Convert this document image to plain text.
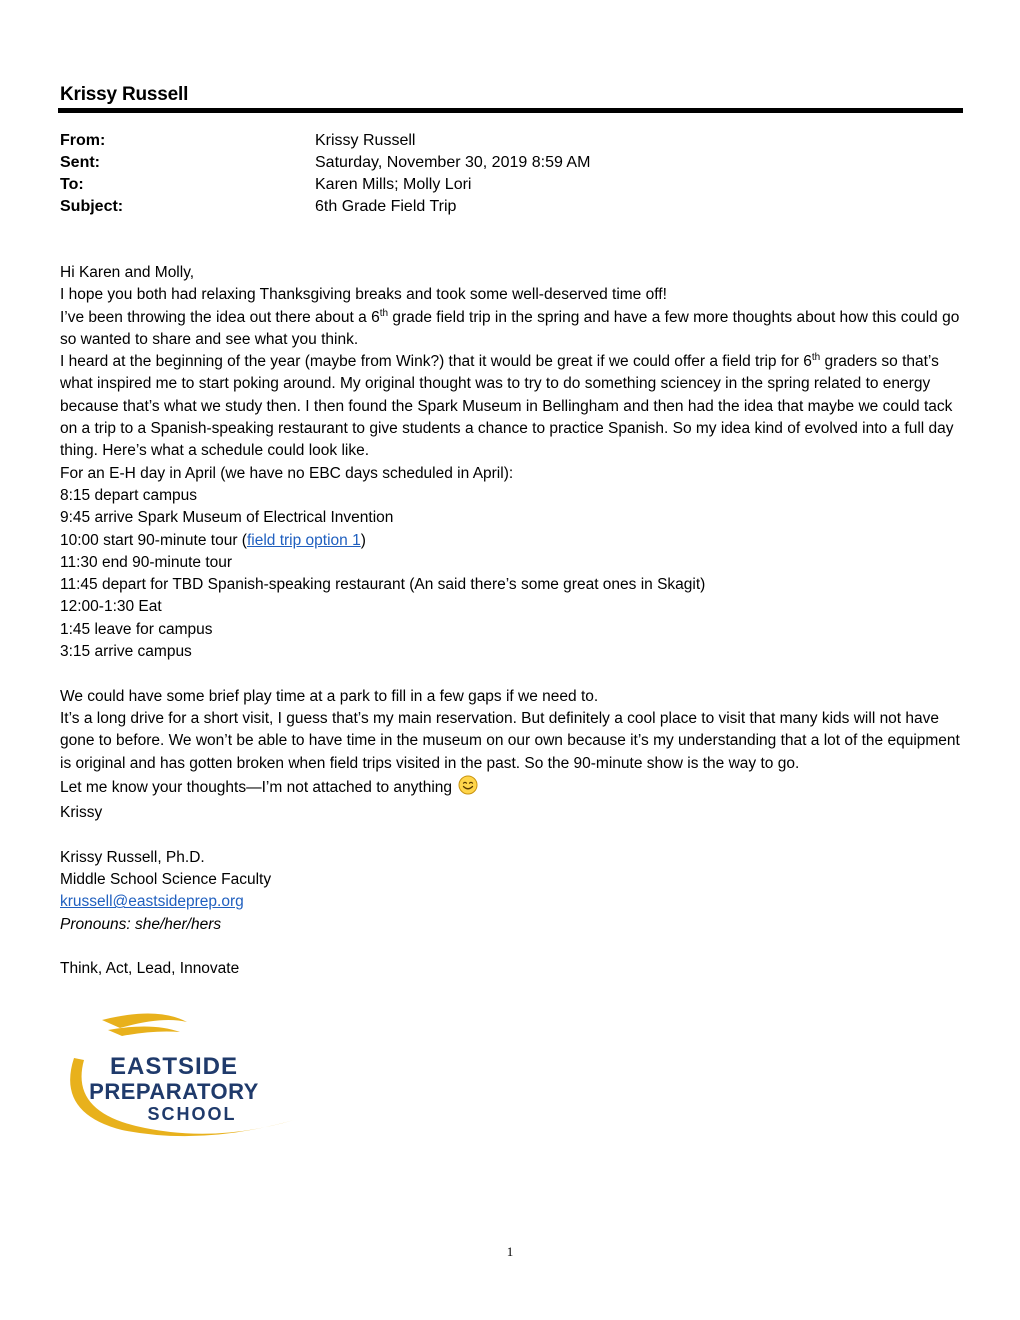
Krissy Russell
From:	Krissy Russell
Sent:	Saturday, November 30, 2019 8:59 AM
To:	Karen Mills; Molly Lori
Subject:	6th Grade Field Trip

Hi Karen and Molly,

I hope you both had relaxing Thanksgiving breaks and took some well-deserved time off!

I’ve been throwing the idea out there about a 6th grade field trip in the spring and have a few more thoughts about how this could go so wanted to share and see what you think.

I heard at the beginning of the year (maybe from Wink?) that it would be great if we could offer a field trip for 6th graders so that’s what inspired me to start poking around. My original thought was to try to do something sciencey in the spring related to energy because that’s what we study then. I then found the Spark Museum in Bellingham and then had the idea that maybe we could tack on a trip to a Spanish-speaking restaurant to give students a chance to practice Spanish. So my idea kind of evolved into a full day thing. Here’s what a schedule could look like.

For an E-H day in April (we have no EBC days scheduled in April):

8:15 depart campus

9:45 arrive Spark Museum of Electrical Invention

10:00 start 90-minute tour (field trip option 1)

11:30 end 90-minute tour

11:45 depart for TBD Spanish-speaking restaurant (An said there’s some great ones in Skagit)

12:00-1:30 Eat

1:45 leave for campus

3:15 arrive campus

We could have some brief play time at a park to fill in a few gaps if we need to.

It’s a long drive for a short visit, I guess that’s my main reservation. But definitely a cool place to visit that many kids will not have gone to before. We won’t be able to have time in the museum on our own because it’s my understanding that a lot of the equipment is original and has gotten broken when field trips visited in the past. So the 90-minute show is the way to go.

Let me know your thoughts—I’m not attached to anything

Krissy

Krissy Russell, Ph.D.

Middle School Science Faculty

krussell@eastsideprep.org

Pronouns: she/her/hers

Think, Act, Lead, Innovate

EASTSIDE
PREPARATORY
SCHOOL
1
